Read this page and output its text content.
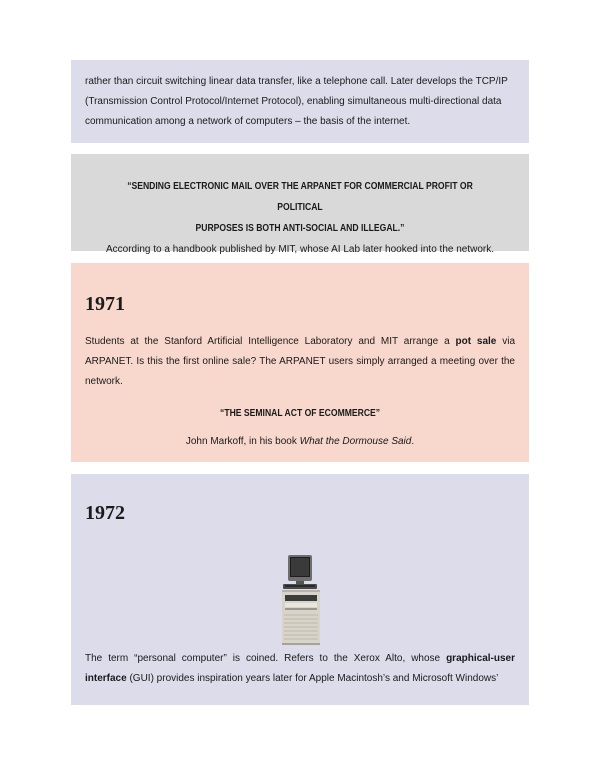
rather than circuit switching linear data transfer, like a telephone call. Later develops the TCP/IP (Transmission Control Protocol/Internet Protocol), enabling simultaneous multi-directional data communication among a network of computers – the basis of the internet.

“SENDING ELECTRONIC MAIL OVER THE ARPANET FOR COMMERCIAL PROFIT OR POLITICAL
PURPOSES IS BOTH ANTI-SOCIAL AND ILLEGAL.”
According to a handbook published by MIT, whose AI Lab later hooked into the network.
1971

Students at the Stanford Artificial Intelligence Laboratory and MIT arrange a pot sale via ARPANET. Is this the first online sale? The ARPANET users simply arranged a meeting over the network.

“THE SEMINAL ACT OF ECOMMERCE”
John Markoff, in his book What the Dormouse Said.
1972

The term “personal computer” is coined. Refers to the Xerox Alto, whose graphical-user interface (GUI) provides inspiration years later for Apple Macintosh’s and Microsoft Windows’
